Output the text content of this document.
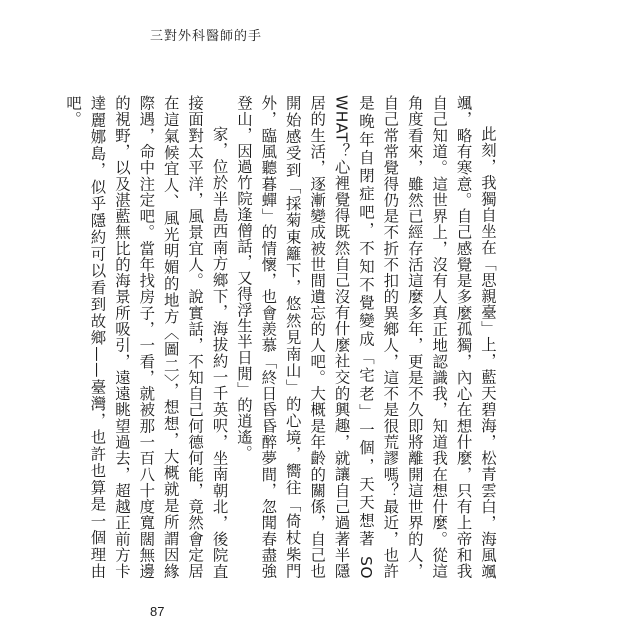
三對外科醫師的手

此刻，我獨自坐在「思親臺」上，藍天碧海，松青雲白，海風颯颯，略有寒意。自己感覺是多麼孤獨，內心在想什麼，只有上帝和我自己知道。這世界上，沒有人真正地認識我，知道我在想什麼。從這角度看來，雖然已經存活這麼多年，更是不久即將離開這世界的人，自己常常覺得仍是不折不扣的異鄉人，這不是很荒謬嗎？最近，也許是晚年自閉症吧，不知不覺變成「宅老」一個，天天想著 SO WHAT？心裡覺得既然自己沒有什麼社交的興趣，就讓自己過著半隱居的生活，逐漸變成被世間遺忘的人吧。大概是年齡的關係，自己也開始感受到「採菊東籬下，悠然見南山」的心境，嚮往「倚杖柴門外，臨風聽暮蟬」的情懷，也會羨慕「終日昏昏醉夢間，忽聞春盡強登山，因過竹院逢僧話，又得浮生半日閒」的逍遙。

家，位於半島西南方鄉下，海拔約一千英呎，坐南朝北，後院直接面對太平洋，風景宜人。說實話，不知自己何德何能，竟然會定居在這氣候宜人、風光明媚的地方〈圖二〉，想想，大概就是所謂因緣際遇，命中注定吧。當年找房子，一看，就被那一百八十度寬闊無邊的視野，以及湛藍無比的海景所吸引，遠遠眺望過去，超越正前方卡達麗娜島，似乎隱約可以看到故鄉——臺灣，也許也算是一個理由吧。

87
